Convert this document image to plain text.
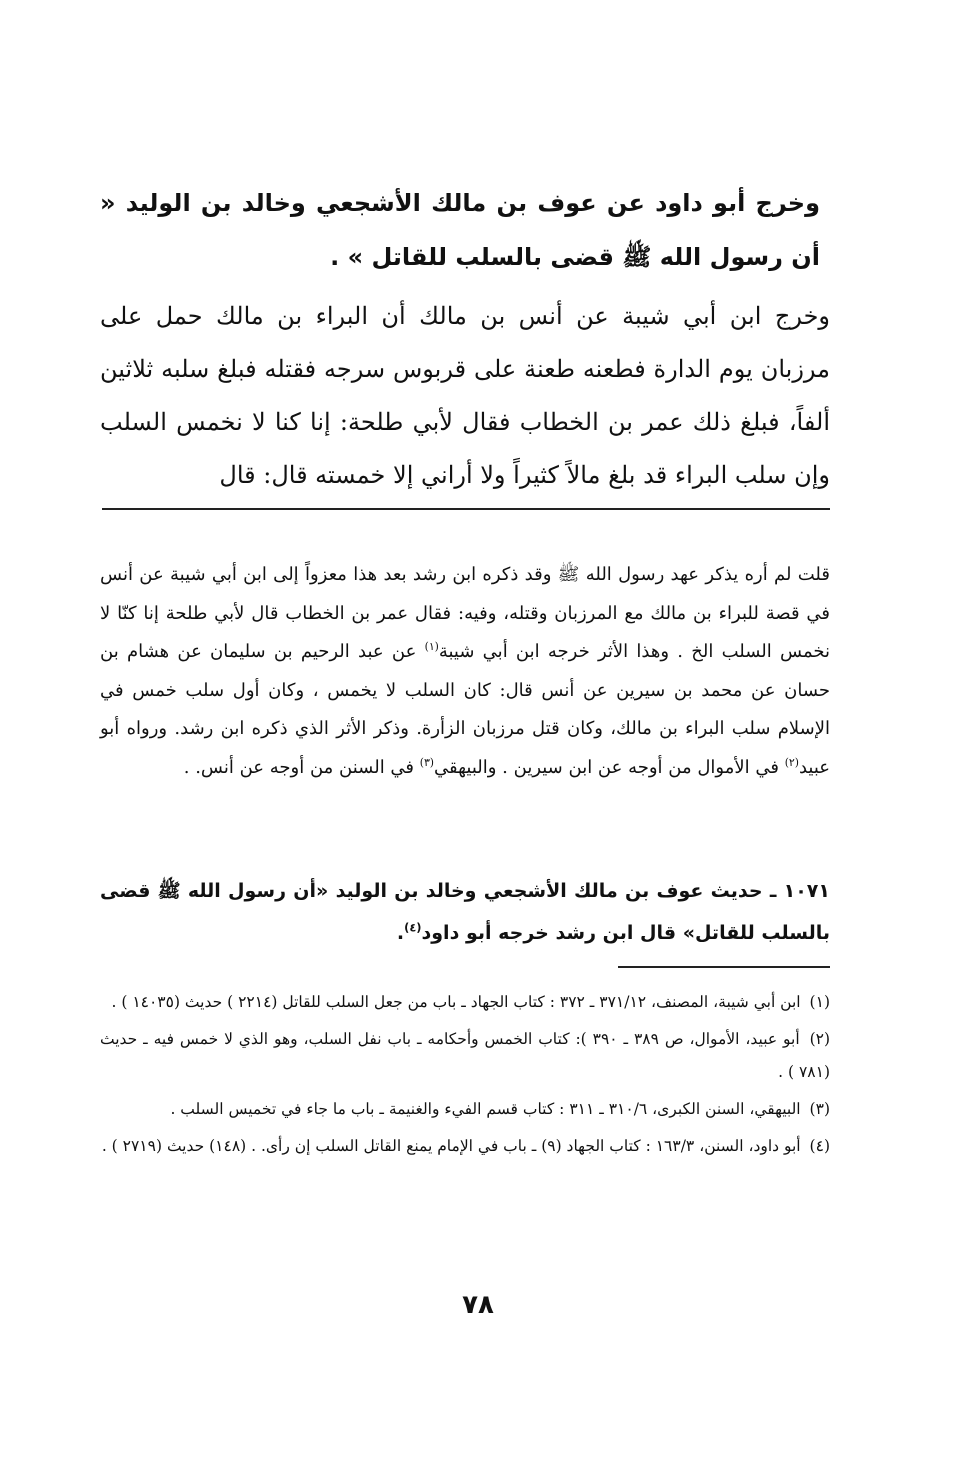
وخرج أبو داود عن عوف بن مالك الأشجعي وخالد بن الوليد « أن رسول الله ﷺ قضى بالسلب للقاتل » .
وخرج ابن أبي شيبة عن أنس بن مالك أن البراء بن مالك حمل على مرزبان يوم الدارة فطعنه طعنة على قربوس سرجه فقتله فبلغ سلبه ثلاثين ألفاً، فبلغ ذلك عمر بن الخطاب فقال لأبي طلحة: إنا كنا لا نخمس السلب وإن سلب البراء قد بلغ مالاً كثيراً ولا أراني إلا خمسته قال: قال
قلت لم أره يذكر عهد رسول الله ﷺ وقد ذكره ابن رشد بعد هذا معزواً إلى ابن أبي شيبة عن أنس في قصة للبراء بن مالك مع المرزبان وقتله، وفيه: فقال عمر بن الخطاب قال لأبي طلحة إنا كنّا لا نخمس السلب الخ . وهذا الأثر خرجه ابن أبي شيبة$^{(١)}$ عن عبد الرحيم بن سليمان عن هشام بن حسان عن محمد بن سيرين عن أنس قال: كان السلب لا يخمس ، وكان أول سلب خمس في الإسلام سلب البراء بن مالك، وكان قتل مرزبان الزأرة. وذكر الأثر الذي ذكره ابن رشد. ورواه أبو عبيد$^{(٢)}$ في الأموال من أوجه عن ابن سيرين . والبيهقي$^{(٣)}$ في السنن من أوجه عن أنس. .
١٠٧١ ـ حديث عوف بن مالك الأشجعي وخالد بن الوليد «أن رسول الله ﷺ قضى بالسلب للقاتل» قال ابن رشد خرجه أبو داود$^{(٤)}$.

(١) ابن أبي شيبة، المصنف، ٣٧١/١٢ ـ ٣٧٢ : كتاب الجهاد ـ باب من جعل السلب للقاتل (٢٢١٤ ) حديث (١٤٠٣٥ ) .

(٢) أبو عبيد، الأموال، ص ٣٨٩ ـ ٣٩٠ ): كتاب الخمس وأحكامه ـ باب نفل السلب، وهو الذي لا خمس فيه ـ حديث (٧٨١ ) .

(٣) البيهقي، السنن الكبرى، ٣١٠/٦ ـ ٣١١ : كتاب قسم الفيء والغنيمة ـ باب ما جاء في تخميس السلب .

(٤) أبو داود، السنن، ١٦٣/٣ : كتاب الجهاد (٩) ـ باب في الإمام يمنع القاتل السلب إن رأى. . (١٤٨) حديث (٢٧١٩ ) .

٧٨
